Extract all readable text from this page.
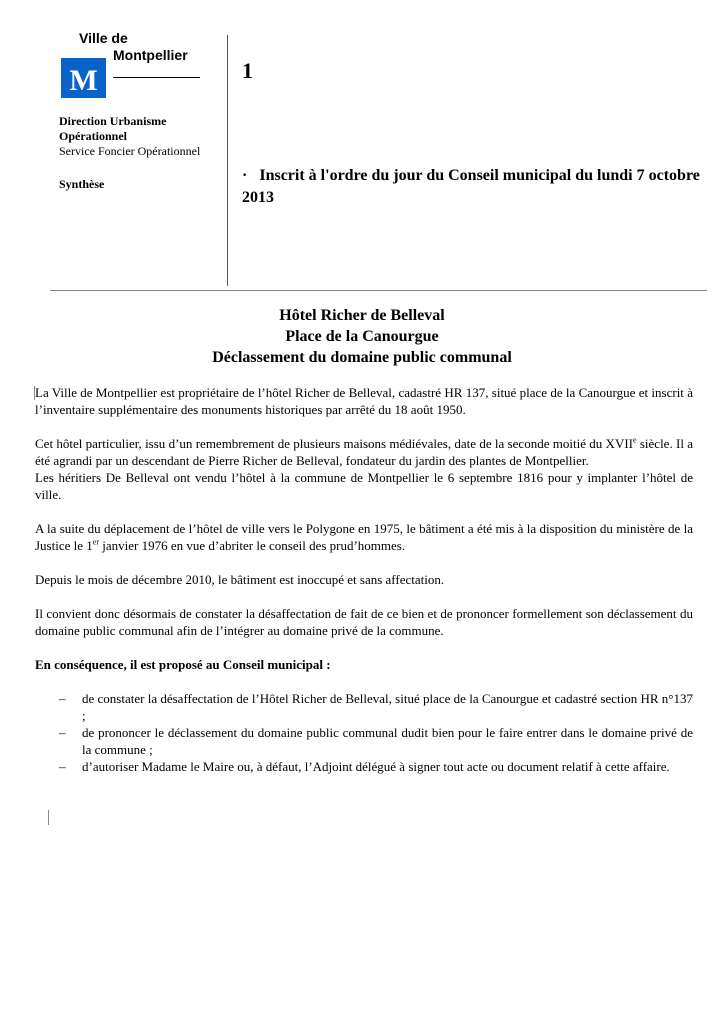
Ville de
Montpellier
M
Direction Urbanisme
Opérationnel
Service Foncier Opérationnel
Synthèse
1
· Inscrit à l'ordre du jour du Conseil municipal du lundi 7 octobre 2013
Hôtel Richer de Belleval
Place de la Canourgue
Déclassement du domaine public communal

La Ville de Montpellier est propriétaire de l’hôtel Richer de Belleval, cadastré HR 137, situé place de la Canourgue et inscrit à l’inventaire supplémentaire des monuments historiques par arrêté du 18 août 1950.

Cet hôtel particulier, issu d’un remembrement de plusieurs maisons médiévales, date de la seconde moitié du XVIIe siècle. Il a été agrandi par un descendant de Pierre Richer de Belleval, fondateur du jardin des plantes de Montpellier.

Les héritiers De Belleval ont vendu l’hôtel à la commune de Montpellier le 6 septembre 1816 pour y implanter l’hôtel de ville.

A la suite du déplacement de l’hôtel de ville vers le Polygone en 1975, le bâtiment a été mis à la disposition du ministère de la Justice le 1er janvier 1976 en vue d’abriter le conseil des prud’hommes.

Depuis le mois de décembre 2010, le bâtiment est inoccupé et sans affectation.

Il convient donc désormais de constater la désaffectation de fait de ce bien et de prononcer formellement son déclassement du domaine public communal afin de l’intégrer au domaine privé de la commune.

En conséquence, il est proposé au Conseil municipal :

– de constater la désaffectation de l’Hôtel Richer de Belleval, situé place de la Canourgue et cadastré section HR n°137 ;
– de prononcer le déclassement du domaine public communal dudit bien pour le faire entrer dans le domaine privé de la commune ;
– d’autoriser Madame le Maire ou, à défaut, l’Adjoint délégué à signer tout acte ou document relatif à cette affaire.
